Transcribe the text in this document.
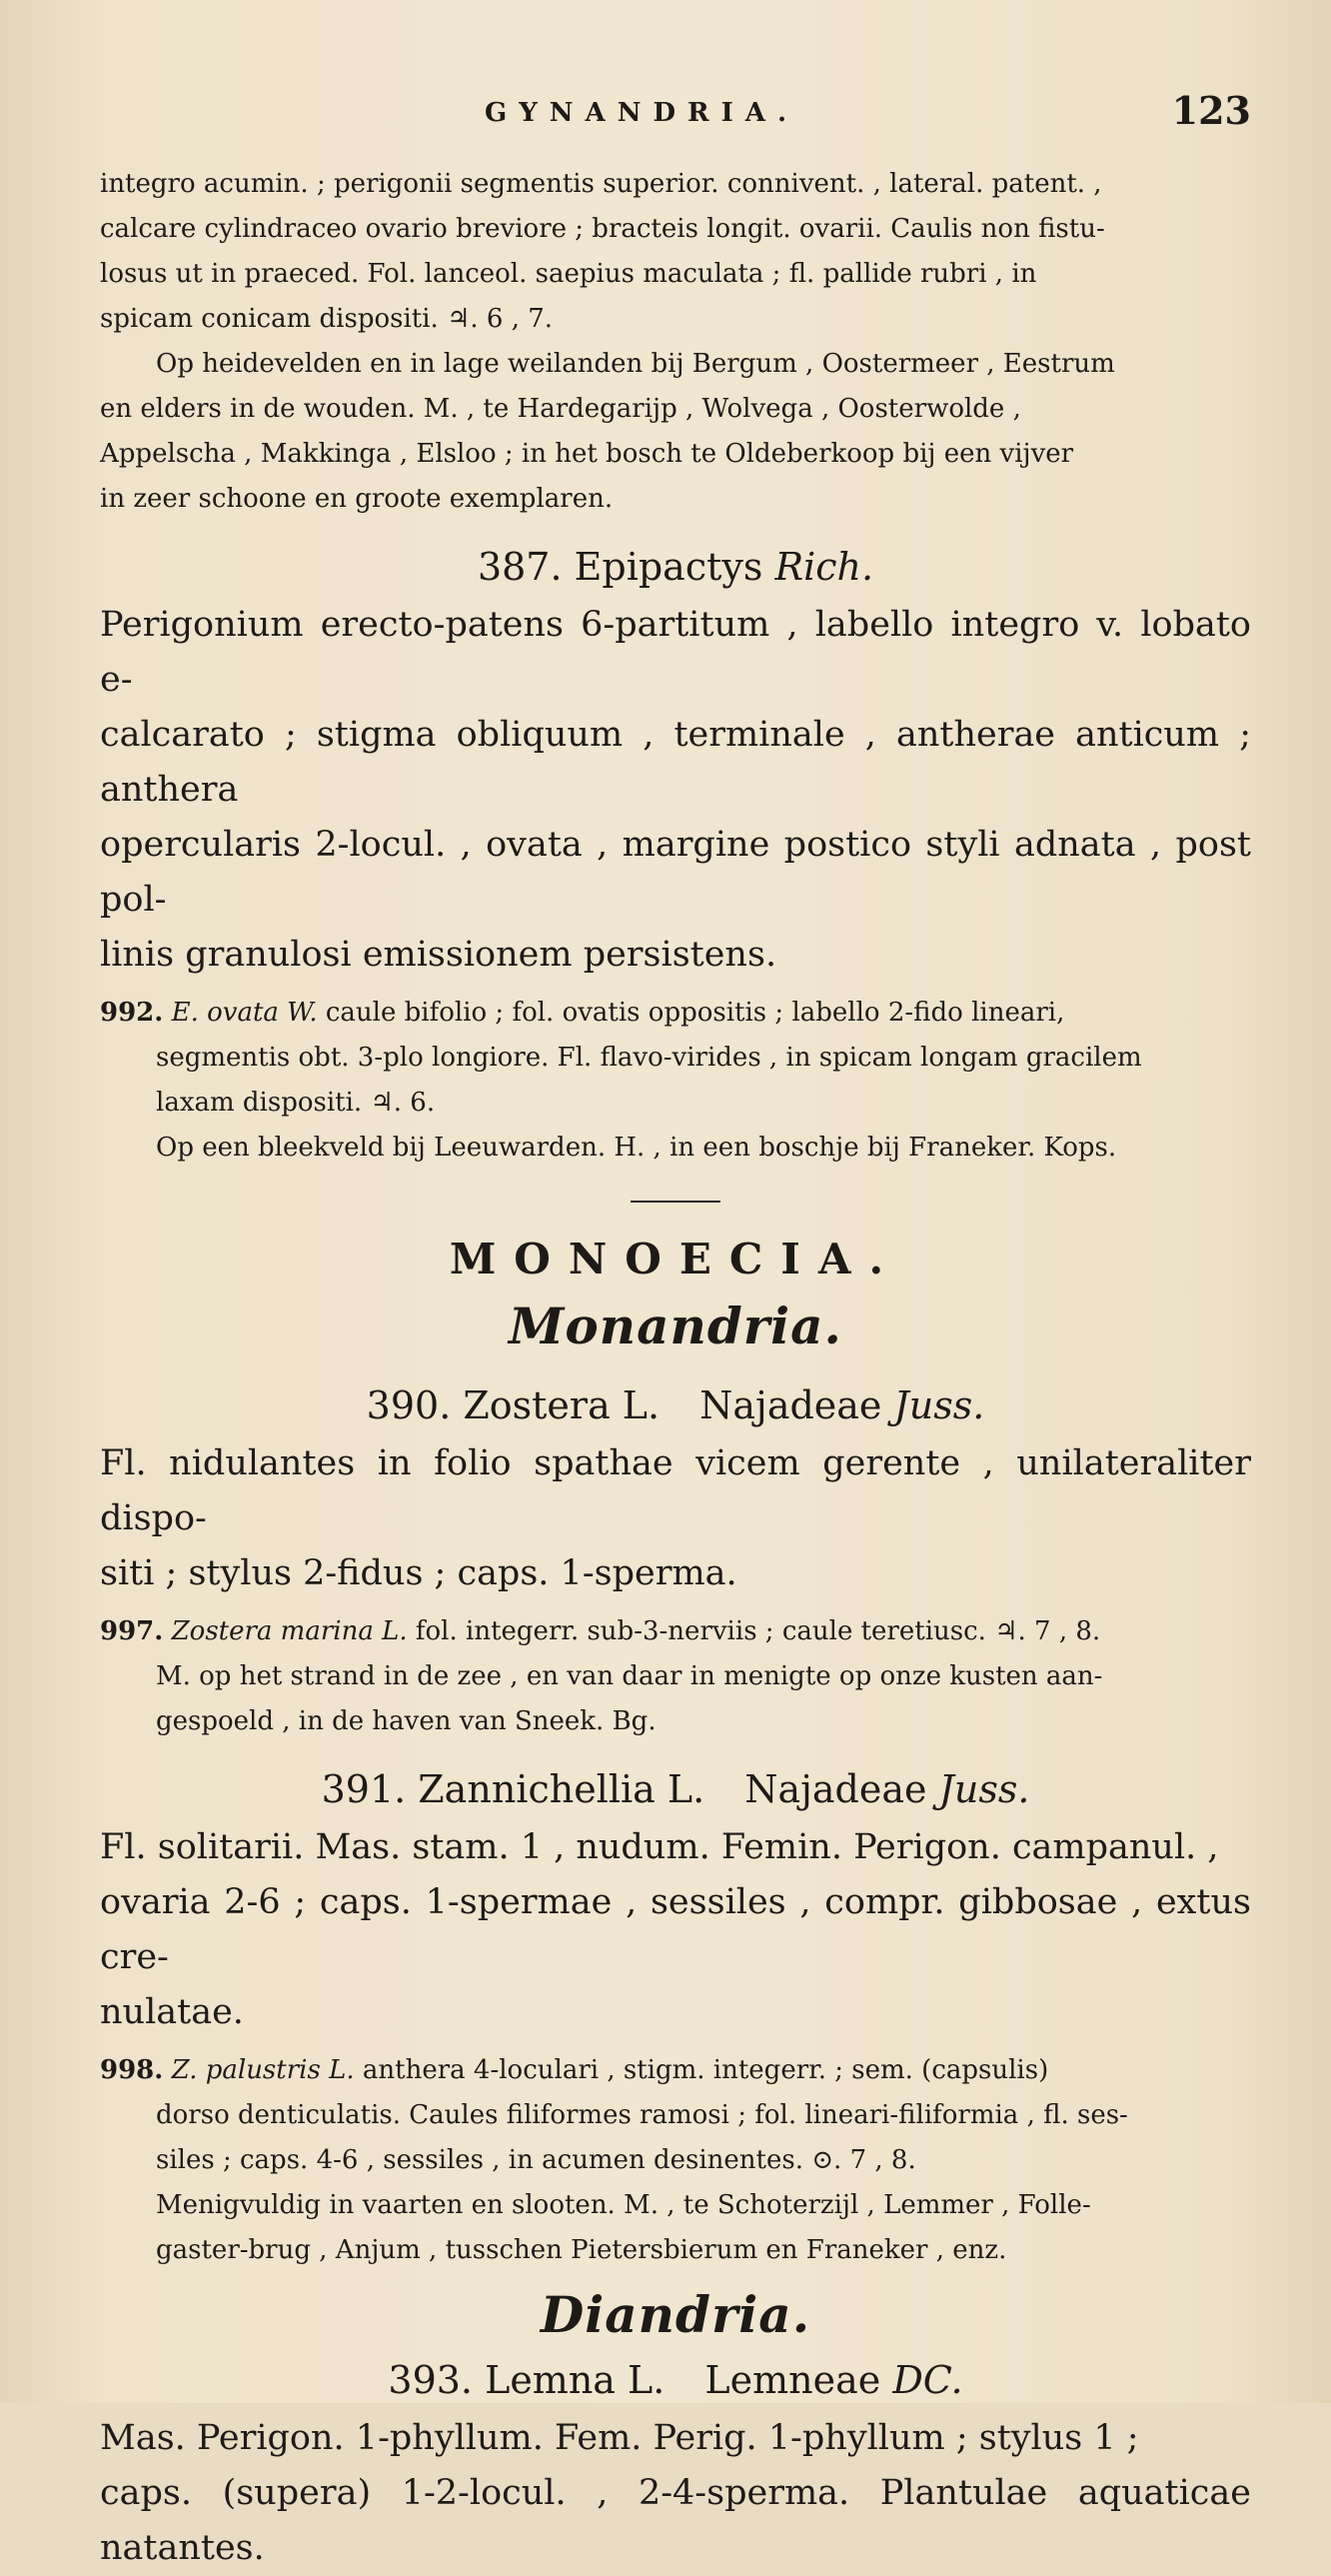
GYNANDRIA.	123

integro acumin. ; perigonii segmentis superior. connivent. , lateral. patent. ,

calcare cylindraceo ovario breviore ; bracteis longit. ovarii. Caulis non fistu-

losus ut in praeced. Fol. lanceol. saepius maculata ; fl. pallide rubri , in

spicam conicam dispositi. ♃. 6 , 7.

Op heidevelden en in lage weilanden bij Bergum , Oostermeer , Eestrum

en elders in de wouden. M. , te Hardegarijp , Wolvega , Oosterwolde ,

Appelscha , Makkinga , Elsloo ; in het bosch te Oldeberkoop bij een vijver

in zeer schoone en groote exemplaren.

387. Epipactys Rich.

Perigonium erecto-patens 6-partitum , labello integro v. lobato e-

calcarato ; stigma obliquum , terminale , antherae anticum ; anthera

opercularis 2-locul. , ovata , margine postico styli adnata , post pol-

linis granulosi emissionem persistens.

992. E. ovata W. caule bifolio ; fol. ovatis oppositis ; labello 2-fido lineari,

segmentis obt. 3-plo longiore. Fl. flavo-virides , in spicam longam gracilem

laxam dispositi. ♃. 6.

Op een bleekveld bij Leeuwarden. H. , in een boschje bij Franeker. Kops.

MONOECIA.
Monandria.
390. Zostera L. Najadeae Juss.

Fl. nidulantes in folio spathae vicem gerente , unilateraliter dispo-

siti ; stylus 2-fidus ; caps. 1-sperma.

997. Zostera marina L. fol. integerr. sub-3-nerviis ; caule teretiusc. ♃. 7 , 8.

M. op het strand in de zee , en van daar in menigte op onze kusten aan-

gespoeld , in de haven van Sneek. Bg.

391. Zannichellia L. Najadeae Juss.

Fl. solitarii. Mas. stam. 1 , nudum. Femin. Perigon. campanul. ,

ovaria 2-6 ; caps. 1-spermae , sessiles , compr. gibbosae , extus cre-

nulatae.

998. Z. palustris L. anthera 4-loculari , stigm. integerr. ; sem. (capsulis)

dorso denticulatis. Caules filiformes ramosi ; fol. lineari-filiformia , fl. ses-

siles ; caps. 4-6 , sessiles , in acumen desinentes. ⊙. 7 , 8.

Menigvuldig in vaarten en slooten. M. , te Schoterzijl , Lemmer , Folle-

gaster-brug , Anjum , tusschen Pietersbierum en Franeker , enz.

Diandria.
393. Lemna L. Lemneae DC.

Mas. Perigon. 1-phyllum. Fem. Perig. 1-phyllum ; stylus 1 ;

caps. (supera) 1-2-locul. , 2-4-sperma. Plantulae aquaticae natantes.
